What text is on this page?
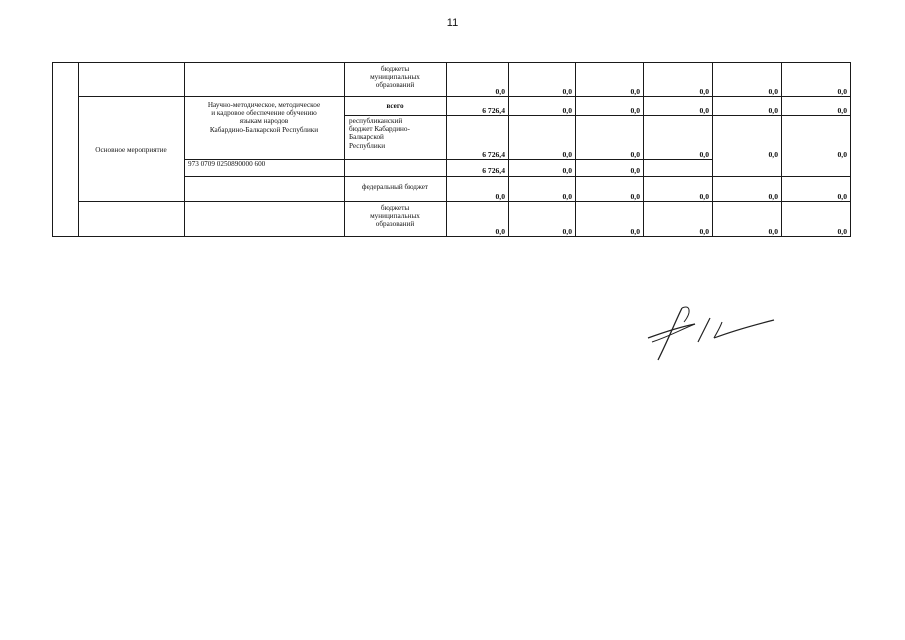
11
бюджеты
муниципальных
образований
0,0	0,0	0,0	0,0	0,0	0,0
Основное мероприятие
Научно-методическое, методическое
и кадровое обеспечение обучению
языкам народов
Кабардино-Балкарской Республики
973 0709 0250890000 600
всего	6 726,4	0,0	0,0	0,0	0,0	0,0
республиканский
бюджет Кабардино-
Балкарской
Республики
6 726,4	0,0	0,0	0,0	0,0	0,0
6 726,4	0,0	0,0
федеральный бюджет
0,0	0,0	0,0	0,0	0,0	0,0
бюджеты
муниципальных
образований
0,0	0,0	0,0	0,0	0,0	0,0
